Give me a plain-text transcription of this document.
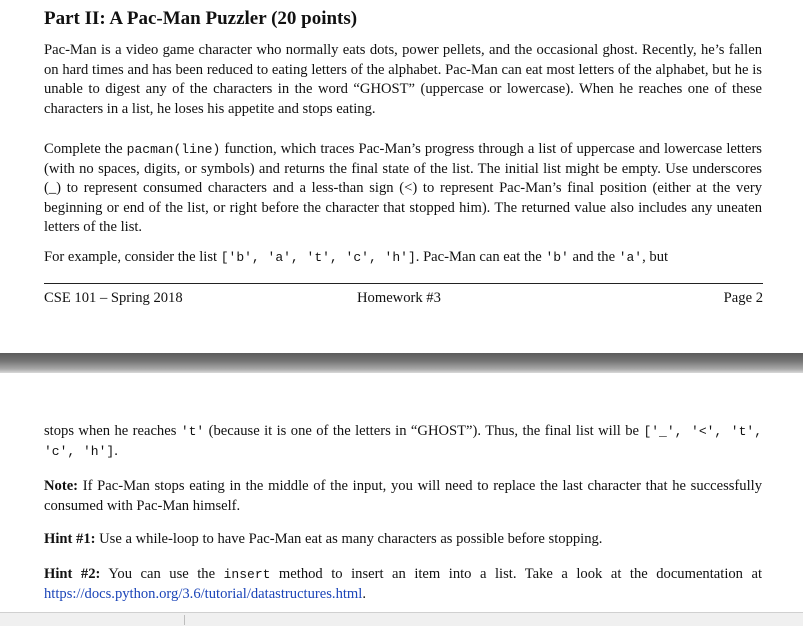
Part II: A Pac-Man Puzzler (20 points)

Pac-Man is a video game character who normally eats dots, power pellets, and the occasional ghost. Recently, he’s fallen on hard times and has been reduced to eating letters of the alphabet. Pac-Man can eat most letters of the alphabet, but he is unable to digest any of the characters in the word “GHOST” (uppercase or lowercase). When he reaches one of these characters in a list, he loses his appetite and stops eating.

Complete the pacman(line) function, which traces Pac-Man’s progress through a list of uppercase and lowercase letters (with no spaces, digits, or symbols) and returns the final state of the list. The initial list might be empty. Use underscores (_) to represent consumed characters and a less-than sign (<) to represent Pac-Man’s final position (either at the very beginning or end of the list, or right before the character that stopped him). The returned value also includes any uneaten letters of the list.

For example, consider the list ['b', 'a', 't', 'c', 'h']. Pac-Man can eat the 'b' and the 'a', but

CSE 101 – Spring 2018	Homework #3	Page 2

stops when he reaches 't' (because it is one of the letters in “GHOST”). Thus, the final list will be ['_', '<', 't', 'c', 'h'].

Note: If Pac-Man stops eating in the middle of the input, you will need to replace the last character that he successfully consumed with Pac-Man himself.

Hint #1: Use a while-loop to have Pac-Man eat as many characters as possible before stopping.

Hint #2: You can use the insert method to insert an item into a list. Take a look at the documentation at https://docs.python.org/3.6/tutorial/datastructures.html.
